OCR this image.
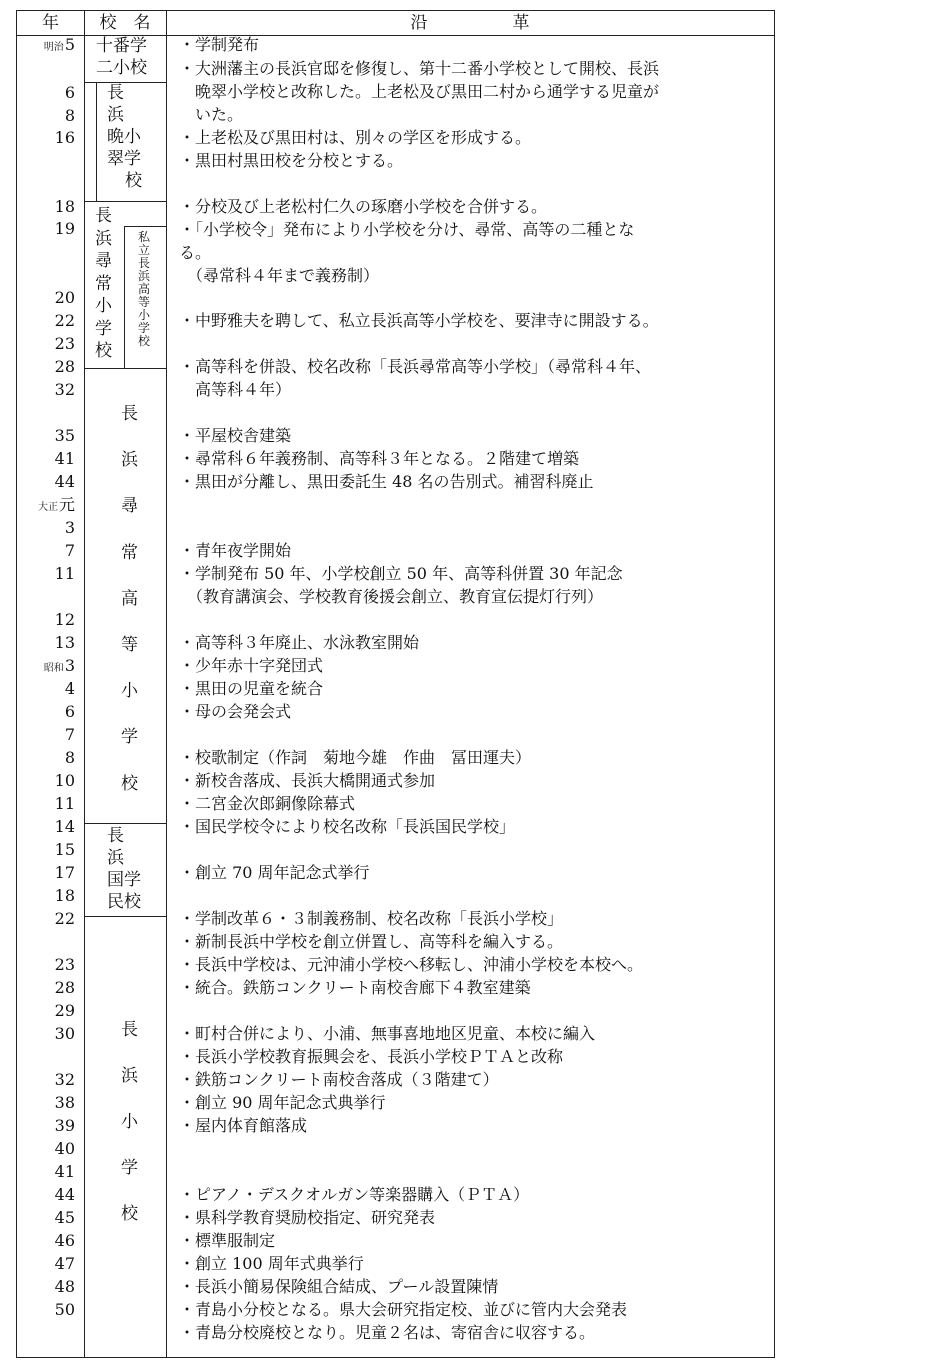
年	校　名	沿　　　　　革
十番学
二小校
長
浜
晩小
翠学
校
長
浜
尋
常
小
学
校
私
立
長
浜
高
等
小
学
校
長
浜
尋
常
高
等
小
学
校
長
浜
国学
民校
長
浜
小
学
校
明治5
6
8
16
18
19
20
22
23
28
32
35
41
44
大正元
3
7
11
12
13
昭和3
4
6
7
8
10
11
14
15
17
18
22
23
28
29
30
32
38
39
40
41
44
45
46
47
48
50
・学制発布
・大洲藩主の長浜官邸を修復し、第十二番小学校として開校、長浜
　晩翠小学校と改称した。上老松及び黒田二村から通学する児童が
　いた。
・上老松及び黒田村は、別々の学区を形成する。
・黒田村黒田校を分校とする。
・分校及び上老松村仁久の琢磨小学校を合併する。
・「小学校令」発布により小学校を分け、尋常、高等の二種とな
る。
　（尋常科４年まで義務制）
・中野雅夫を聘して、私立長浜高等小学校を、要津寺に開設する。
・高等科を併設、校名改称「長浜尋常高等小学校」（尋常科４年、
　高等科４年）
・平屋校舎建築
・尋常科６年義務制、高等科３年となる。２階建て増築
・黒田が分離し、黒田委託生 48 名の告別式。補習科廃止
・青年夜学開始
・学制発布 50 年、小学校創立 50 年、高等科併置 30 年記念
　（教育講演会、学校教育後援会創立、教育宣伝提灯行列）
・高等科３年廃止、水泳教室開始
・少年赤十字発団式
・黒田の児童を統合
・母の会発会式
・校歌制定（作詞　菊地今雄　作曲　冨田運夫）
・新校舎落成、長浜大橋開通式参加
・二宮金次郎銅像除幕式
・国民学校令により校名改称「長浜国民学校」
・創立 70 周年記念式挙行
・学制改革６・３制義務制、校名改称「長浜小学校」
・新制長浜中学校を創立併置し、高等科を編入する。
・長浜中学校は、元沖浦小学校へ移転し、沖浦小学校を本校へ。
・統合。鉄筋コンクリート南校舎廊下４教室建築
・町村合併により、小浦、無事喜地地区児童、本校に編入
・長浜小学校教育振興会を、長浜小学校ＰＴＡと改称
・鉄筋コンクリート南校舎落成（３階建て）
・創立 90 周年記念式典挙行
・屋内体育館落成
・ピアノ・デスクオルガン等楽器購入（ＰＴＡ）
・県科学教育奨励校指定、研究発表
・標準服制定
・創立 100 周年式典挙行
・長浜小簡易保険組合結成、プール設置陳情
・青島小分校となる。県大会研究指定校、並びに管内大会発表
・青島分校廃校となり。児童２名は、寄宿舎に収容する。
